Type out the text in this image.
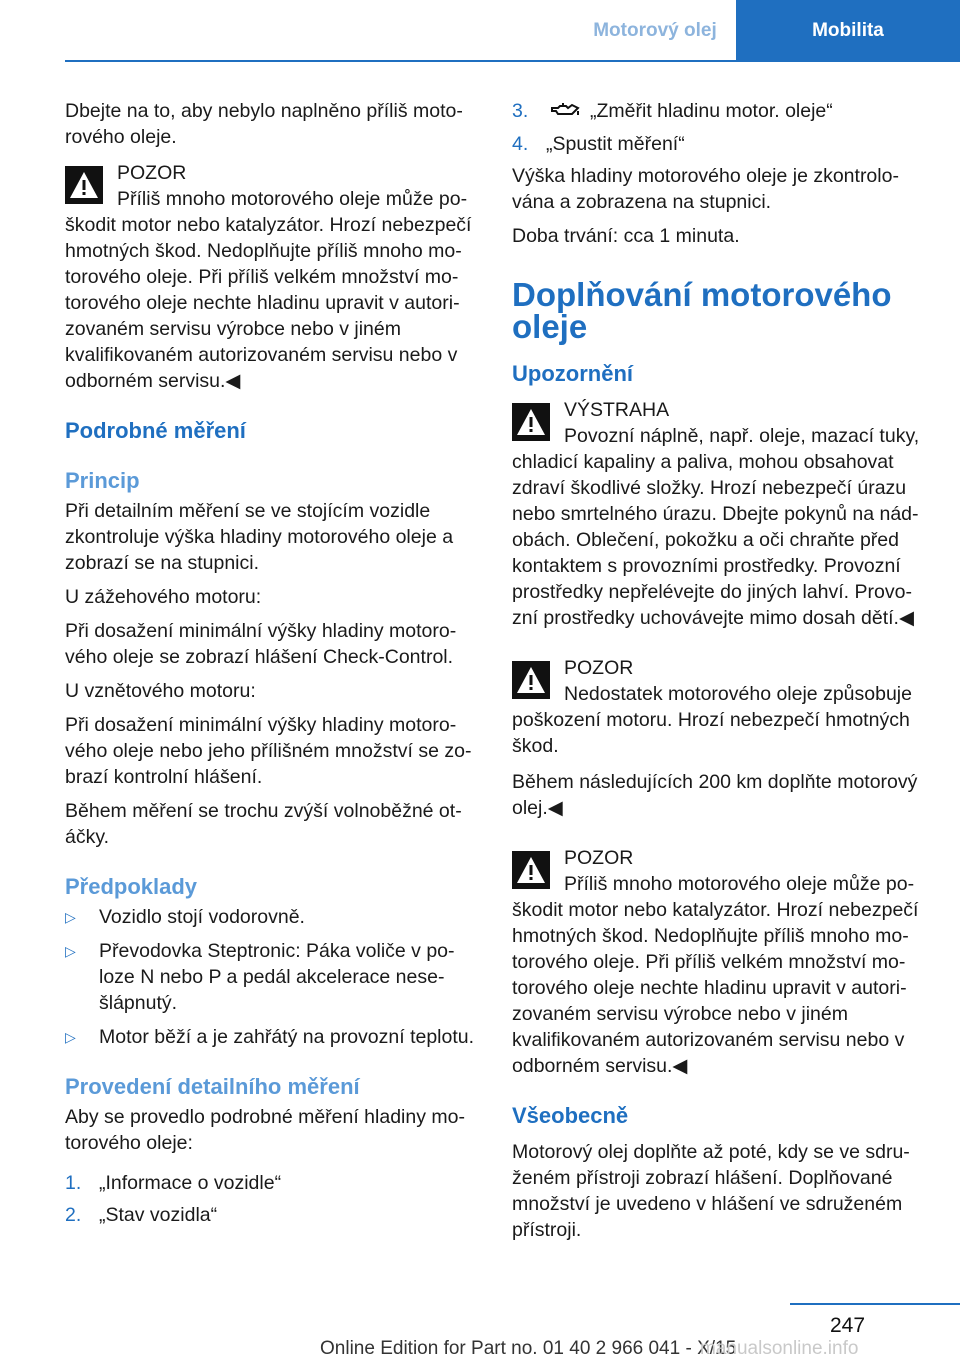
Motorový olej	Mobilita

Dbejte na to, aby nebylo naplněno příliš motorového oleje.

POZOR
Příliš mnoho motorového oleje může poškodit motor nebo katalyzátor. Hrozí nebezpečí hmotných škod. Nedoplňujte příliš mnoho motorového oleje. Při příliš velkém množství motorového oleje nechte hladinu upravit v autorizovaném servisu výrobce nebo v jiném kvalifikovaném autorizovaném servisu nebo v odborném servisu.◀
Podrobné měření
Princip

Při detailním měření se ve stojícím vozidle zkontroluje výška hladiny motorového oleje a zobrazí se na stupnici.

U zážehového motoru:

Při dosažení minimální výšky hladiny motorového oleje se zobrazí hlášení Check-Control.

U vznětového motoru:

Při dosažení minimální výšky hladiny motorového oleje nebo jeho přílišném množství se zobrazí kontrolní hlášení.

Během měření se trochu zvýší volnoběžné otáčky.

Předpoklady
▷ Vozidlo stojí vodorovně.
▷ Převodovka Steptronic: Páka voliče v poloze N nebo P a pedál akcelerace nesešlápnutý.
▷ Motor běží a je zahřátý na provozní teplotu.
Provedení detailního měření

Aby se provedlo podrobné měření hladiny motorového oleje:

1. „Informace o vozidle“
2. „Stav vozidla“
3.	„Změřit hladinu motor. oleje“
4. „Spustit měření“

Výška hladiny motorového oleje je zkontrolována a zobrazena na stupnici.

Doba trvání: cca 1 minuta.

Doplňování motorového oleje
Upozornění
VÝSTRAHA
Povozní náplně, např. oleje, mazací tuky, chladicí kapaliny a paliva, mohou obsahovat zdraví škodlivé složky. Hrozí nebezpečí úrazu nebo smrtelného úrazu. Dbejte pokynů na nádobách. Oblečení, pokožku a oči chraňte před kontaktem s provozními prostředky. Provozní prostředky nepřelévejte do jiných lahví. Provozní prostředky uchovávejte mimo dosah dětí.◀
POZOR
Nedostatek motorového oleje způsobuje poškození motoru. Hrozí nebezpečí hmotných škod.

Během následujících 200 km doplňte motorový olej.◀

POZOR
Příliš mnoho motorového oleje může poškodit motor nebo katalyzátor. Hrozí nebezpečí hmotných škod. Nedoplňujte příliš mnoho motorového oleje. Při příliš velkém množství motorového oleje nechte hladinu upravit v autorizovaném servisu výrobce nebo v jiném kvalifikovaném autorizovaném servisu nebo v odborném servisu.◀
Všeobecně

Motorový olej doplňte až poté, kdy se ve sdruženém přístroji zobrazí hlášení. Doplňované množství je uvedeno v hlášení ve sdruženém přístroji.

247
Online Edition for Part no. 01 40 2 966 041 - X/15
manualsonline.info
